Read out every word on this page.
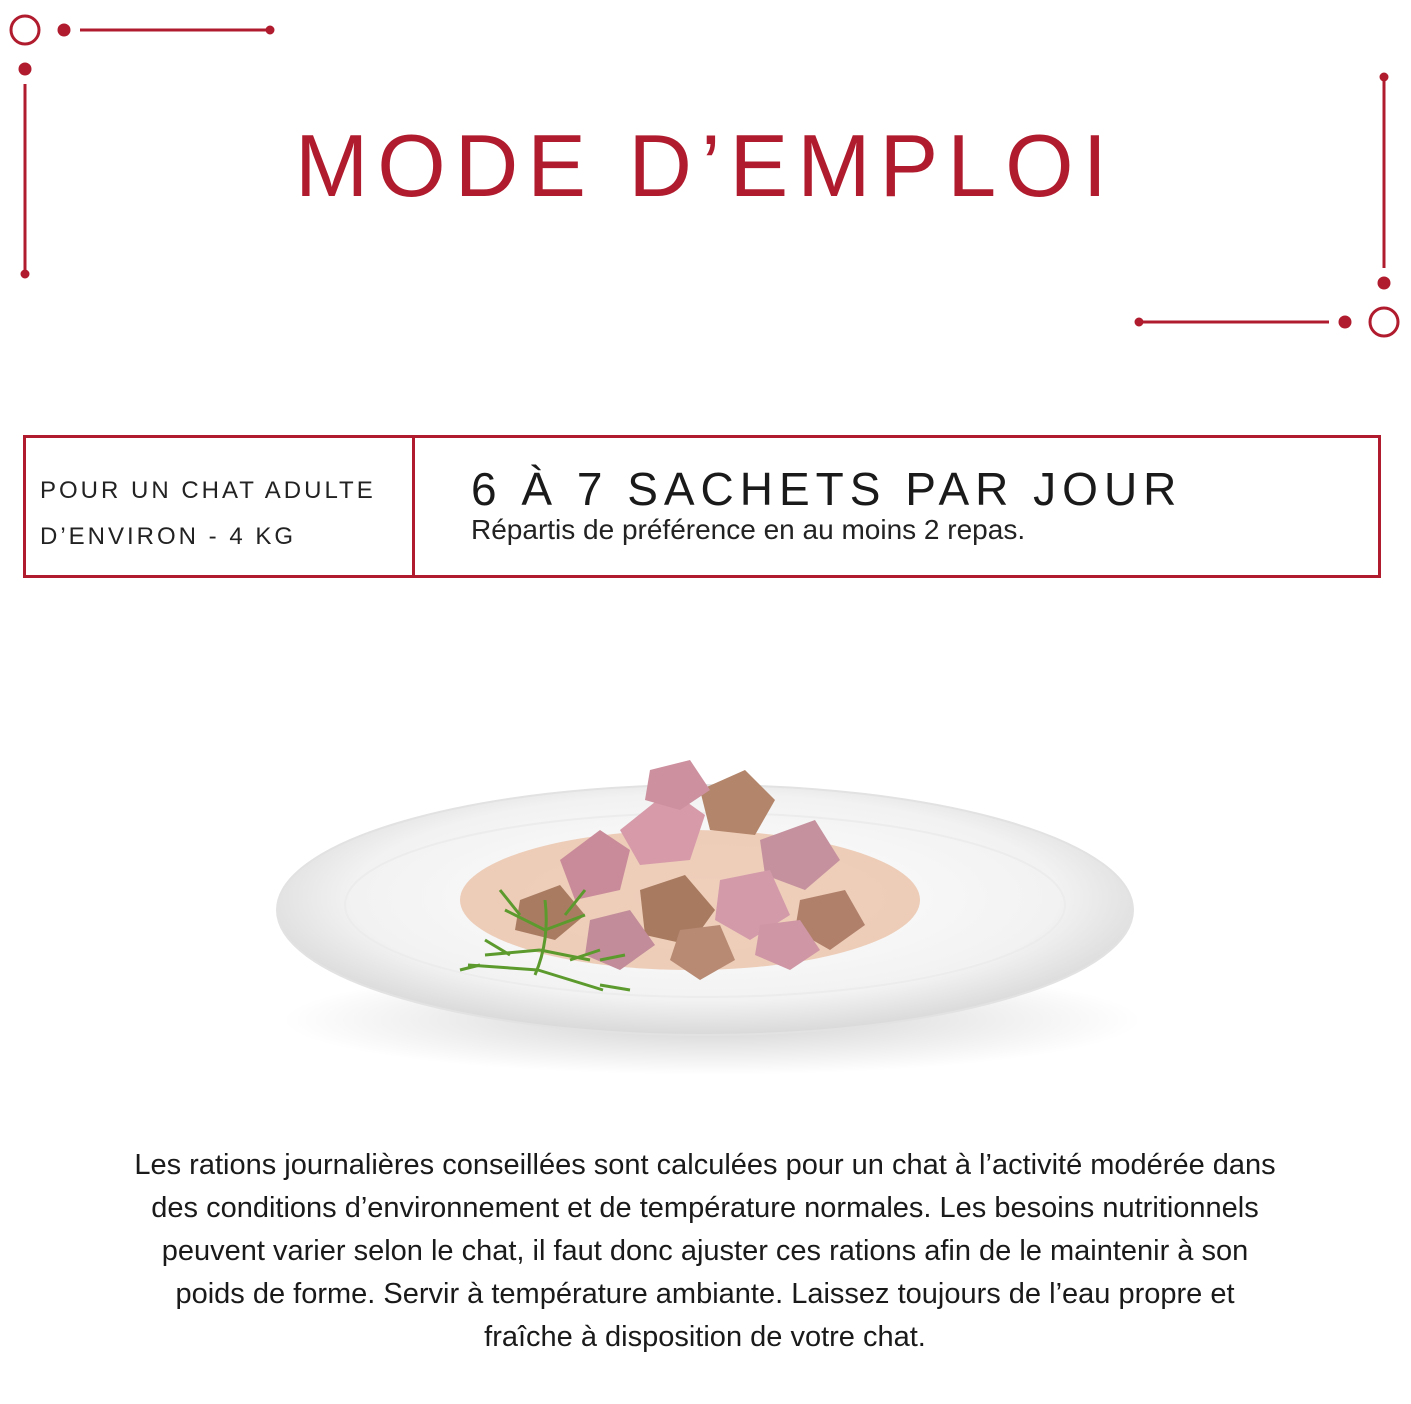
MODE D’EMPLOI
POUR UN CHAT ADULTE
D’ENVIRON - 4 KG
6 À 7 SACHETS PAR JOUR
Répartis de préférence en au moins 2 repas.

Les rations journalières conseillées sont calculées pour un chat à l’activité modérée dans des conditions d’environnement et de température normales. Les besoins nutritionnels peuvent varier selon le chat, il faut donc ajuster ces rations afin de le maintenir à son poids de forme. Servir à température ambiante. Laissez toujours de l’eau propre et fraîche à disposition de votre chat.
